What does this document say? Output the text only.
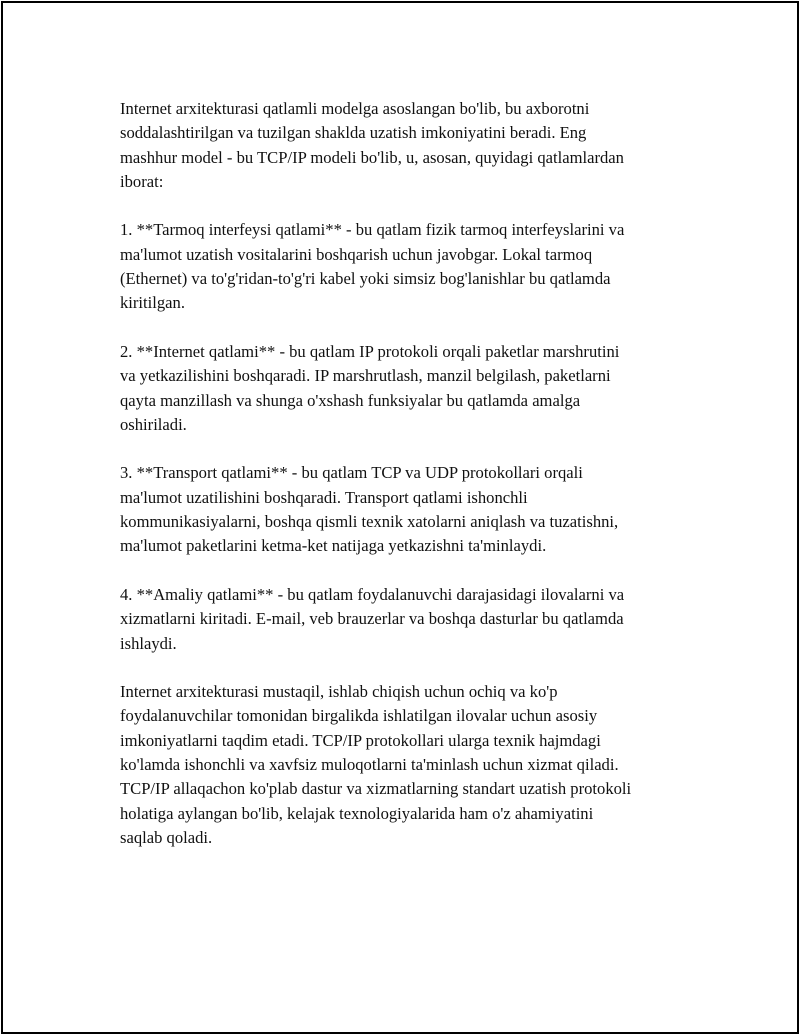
Internet arxitekturasi qatlamli modelga asoslangan bo'lib, bu axborotni
soddalashtirilgan va tuzilgan shaklda uzatish imkoniyatini beradi. Eng
mashhur model - bu TCP/IP modeli bo'lib, u, asosan, quyidagi qatlamlardan
iborat:
1. **Tarmoq interfeysi qatlami** - bu qatlam fizik tarmoq interfeyslarini va
ma'lumot uzatish vositalarini boshqarish uchun javobgar. Lokal tarmoq
(Ethernet) va to'g'ridan-to'g'ri kabel yoki simsiz bog'lanishlar bu qatlamda
kiritilgan.
2. **Internet qatlami** - bu qatlam IP protokoli orqali paketlar marshrutini
va yetkazilishini boshqaradi. IP marshrutlash, manzil belgilash, paketlarni
qayta manzillash va shunga o'xshash funksiyalar bu qatlamda amalga
oshiriladi.
3. **Transport qatlami** - bu qatlam TCP va UDP protokollari orqali
ma'lumot uzatilishini boshqaradi. Transport qatlami ishonchli
kommunikasiyalarni, boshqa qismli texnik xatolarni aniqlash va tuzatishni,
ma'lumot paketlarini ketma-ket natijaga yetkazishni ta'minlaydi.
4. **Amaliy qatlami** - bu qatlam foydalanuvchi darajasidagi ilovalarni va
xizmatlarni kiritadi. E-mail, veb brauzerlar va boshqa dasturlar bu qatlamda
ishlaydi.
Internet arxitekturasi mustaqil, ishlab chiqish uchun ochiq va ko'p
foydalanuvchilar tomonidan birgalikda ishlatilgan ilovalar uchun asosiy
imkoniyatlarni taqdim etadi. TCP/IP protokollari ularga texnik hajmdagi
ko'lamda ishonchli va xavfsiz muloqotlarni ta'minlash uchun xizmat qiladi.
TCP/IP allaqachon ko'plab dastur va xizmatlarning standart uzatish protokoli
holatiga aylangan bo'lib, kelajak texnologiyalarida ham o'z ahamiyatini
saqlab qoladi.
